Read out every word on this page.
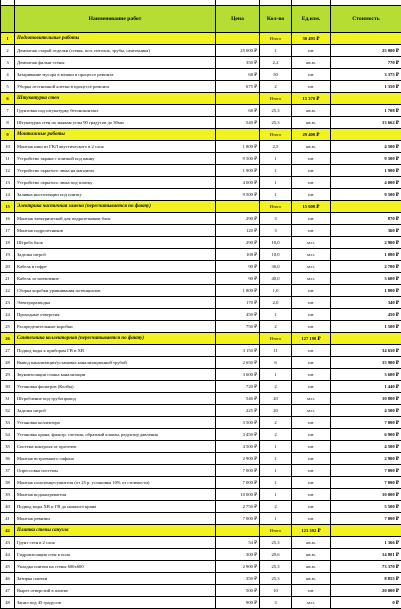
	Наименование работ	Цена	Кол-во	Ед.изм.	Стоимость
1	Подготовительные работы		Итого	30 495 ₽	
2	Демонтаж старой отделки (стены, пол, потолок, трубы, сантехника)	25 000 ₽	1	шт	25 000 ₽
3	Демонтаж фальш-стены	350 ₽	2,2	кв.м.	770 ₽
4	Затаривание мусора в мешки в процессе ремонта	68 ₽	50	шт	3 375 ₽
5	Уборка лестничной клетки в процессе ремонта	675 ₽	2	шт	1 350 ₽
6	Штукатурка стен		Итого	15 370 ₽	
7	Грунтовка под штукатурку бетоноконтакт	68 ₽	25,3	кв.м.	1 708 ₽
8	Штукатурка стен по маякам углы 90 градусов до 30мм	540 ₽	25,3	кв.м.	13 662 ₽
9	Монтажные работы		Итого	29 400 ₽	
10	Монтаж ниш из ГКЛ акустического в 2 слоя	1 800 ₽	2,5	кв.м.	4 500 ₽
11	Устройство экрана с плиткой под ванну	9 500 ₽	1	шт	9 500 ₽
12	Устройство скрытого люка на магнитах	1 900 ₽	1	шт	1 900 ₽
13	Устройство скрытого люка под плитку	4 000 ₽	1	шт	4 000 ₽
14	Заливка инсталляции под плитку	9 500 ₽	1	шт	9 500 ₽
15	Электрика частичная замена (пересчитывается по факту)		Итого	15 600 ₽	
16	Монтаж электрической для подрозетников блок	290 ₽	3	шт	870 ₽
17	Монтаж подрозетников	120 ₽	3	шт	360 ₽
18	Штроба блок	290 ₽	10,0	м.п.	2 900 ₽
19	Заделка штроб	108 ₽	10,0	м.п.	1 080 ₽
20	Кабель в гофре	90 ₽	30,0	м.п.	2 700 ₽
21	Кабель за заземление	90 ₽	40,0	м.п.	3 600 ₽
22	Сборка коробки уравнивания потенциалов	1 800 ₽	1,0	шт	1 800 ₽
23	Электроразводка	170 ₽	2,0	шт	340 ₽
24	Проходные отверстия	450 ₽	1	шт	450 ₽
25	Распределительные коробки	750 ₽	2	шт	1 500 ₽
26	Сантехника коллекторная (пересчитывается по факту)		Итого	127 198 ₽	
27	Подвод воды к приборам ГВ и ХВ	3 150 ₽	11	шт	34 650 ₽
28	Вывод канализации/установка канализационной трубой	2 650 ₽	6	шт	15 900 ₽
29	Звукоизоляция стояка канализации	3 600 ₽	1	шт	3 600 ₽
30	Установка фильтров (Колбы)	720 ₽	2	шт	1 440 ₽
31	Штробление под трубопровод	540 ₽	20	м.п.	10 800 ₽
32	Заделка штроб	225 ₽	20	м.п.	4 500 ₽
33	Установка коллектора	3 500 ₽	2	шт	7 000 ₽
34	Установка крана, фильтр, счетчик, обратный клапан, редуктор давления	3 450 ₽	2	шт	6 900 ₽
35	Система контроля от протечек	4 500 ₽	1	шт	4 500 ₽
36	Монтаж встроенного сифона	2 900 ₽	1	шт	2 900 ₽
37	Опрессовка системы	7 000 ₽	1	шт	7 000 ₽
38	Монтаж полотенцесушителя (от 25 р. установка 10% от стоимости)	7 000 ₽	1	шт	7 000 ₽
39	Монтаж водонагревателя	10 000 ₽	1	шт	10 000 ₽
40	Подвод воды ХВ и ГВ до ножного крана	2 750 ₽	2	шт	5 500 ₽
41	Монтаж ревизии	7 000 ₽	1	шт	7 000 ₽
42	Плитка стены санузла		Итого	123 392 ₽	
43	Грунт стен в 2 слоя	54 ₽	25,3	кв.м.	1 366 ₽
44	Гидроизоляция стен в пола	300 ₽	29,6	кв.м.	14 801 ₽
45	Укладка плитки на стены 600х600	2 900 ₽	25,3	кв.м.	73 370 ₽
46	Затирка плитки	350 ₽	25,3	кв.м.	8 855 ₽
47	Вырез отверстий в плитке	500 ₽	10	шт	20 000 ₽
48	Запил под 45 градусов	900 ₽	3	м.п.	0 ₽
